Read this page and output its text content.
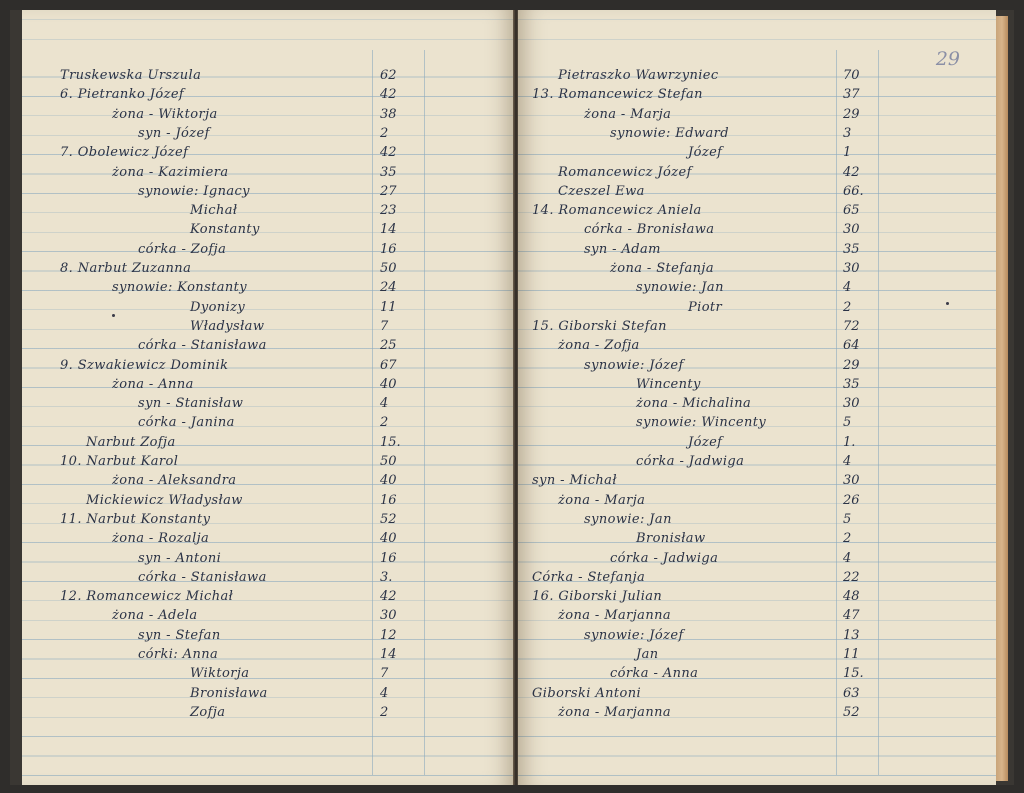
Truskewska Urszula	62
6. Pietranko Józef	42
żona - Wiktorja	38
syn - Józef	2
7. Obolewicz Józef	42
żona - Kazimiera	35
synowie: Ignacy	27
Michał	23
Konstanty	14
córka - Zofja	16
8. Narbut Zuzanna	50
synowie: Konstanty	24
Dyonizy	11
Władysław	7
córka - Stanisława	25
9. Szwakiewicz Dominik	67
żona - Anna	40
syn - Stanisław	4
córka - Janina	2
Narbut Zofja	15.
10. Narbut Karol	50
żona - Aleksandra	40
Mickiewicz Władysław	16
11. Narbut Konstanty	52
żona - Rozalja	40
syn - Antoni	16
córka - Stanisława	3.
12. Romancewicz Michał	42
żona - Adela	30
syn - Stefan	12
córki: Anna	14
Wiktorja	7
Bronisława	4
Zofja	2
29
Pietraszko Wawrzyniec	70
13. Romancewicz Stefan	37
żona - Marja	29
synowie: Edward	3
Józef	1
Romancewicz Józef	42
Czeszel Ewa	66.
14. Romancewicz Aniela	65
córka - Bronisława	30
syn - Adam	35
żona - Stefanja	30
synowie: Jan	4
Piotr	2
15. Giborski Stefan	72
żona - Zofja	64
synowie: Józef	29
Wincenty	35
żona - Michalina	30
synowie: Wincenty	5
Józef	1.
córka - Jadwiga	4
syn - Michał	30
żona - Marja	26
synowie: Jan	5
Bronisław	2
córka - Jadwiga	4
Córka - Stefanja	22
16. Giborski Julian	48
żona - Marjanna	47
synowie: Józef	13
Jan	11
córka - Anna	15.
Giborski Antoni	63
żona - Marjanna	52
